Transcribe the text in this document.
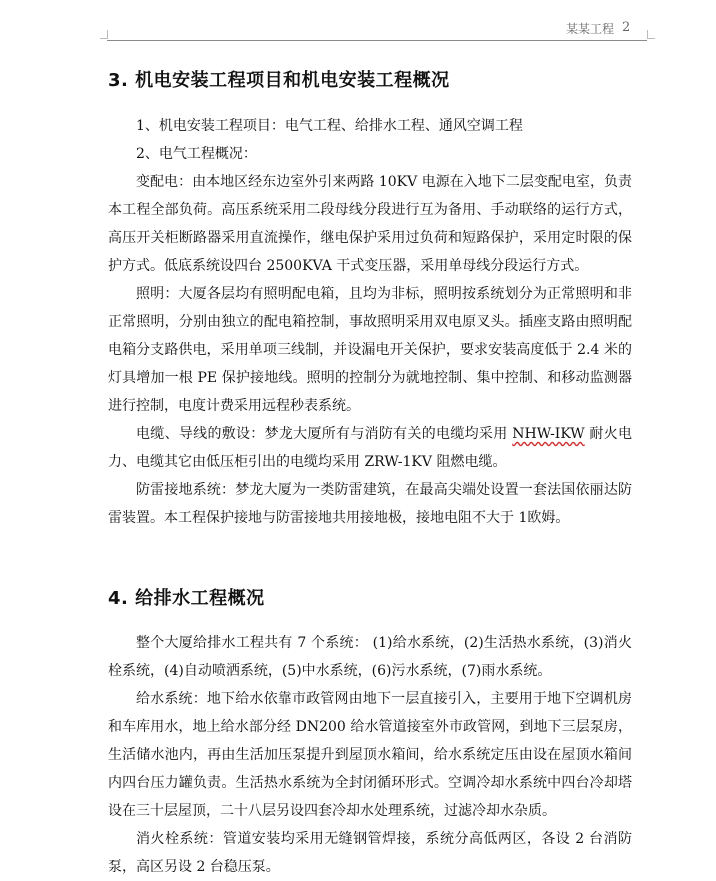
某某工程 2
3. 机电安装工程项目和机电安装工程概况

1、机电安装工程项目：电气工程、给排水工程、通风空调工程

2、电气工程概况：

变配电：由本地区经东边室外引来两路 10KV 电源在入地下二层变配电室，负责本工程全部负荷。高压系统采用二段母线分段进行互为备用、手动联络的运行方式，高压开关柜断路器采用直流操作，继电保护采用过负荷和短路保护，采用定时限的保护方式。低底系统设四台 2500KVA 干式变压器，采用单母线分段运行方式。

照明：大厦各层均有照明配电箱，且均为非标，照明按系统划分为正常照明和非正常照明，分别由独立的配电箱控制，事故照明采用双电原叉头。插座支路由照明配电箱分支路供电，采用单项三线制，并设漏电开关保护，要求安装高度低于 2.4 米的灯具增加一根 PE 保护接地线。照明的控制分为就地控制、集中控制、和移动监测器进行控制，电度计费采用远程秒表系统。

电缆、导线的敷设：梦龙大厦所有与消防有关的电缆均采用 NHW-IKW 耐火电力、电缆其它由低压柜引出的电缆均采用 ZRW-1KV 阻燃电缆。

防雷接地系统：梦龙大厦为一类防雷建筑，在最高尖端处设置一套法国依丽达防雷装置。本工程保护接地与防雷接地共用接地极，接地电阻不大于 1欧姆。

4. 给排水工程概况

整个大厦给排水工程共有 7 个系统： (1)给水系统，(2)生活热水系统，(3)消火栓系统，(4)自动喷洒系统，(5)中水系统，(6)污水系统，(7)雨水系统。

给水系统：地下给水依靠市政管网由地下一层直接引入，主要用于地下空调机房和车库用水，地上给水部分经 DN200 给水管道接室外市政管网，到地下三层泵房，生活储水池内，再由生活加压泵提升到屋顶水箱间，给水系统定压由设在屋顶水箱间内四台压力罐负责。生活热水系统为全封闭循环形式。空调冷却水系统中四台冷却塔设在三十层屋顶，二十八层另设四套冷却水处理系统，过滤冷却水杂质。

消火栓系统：管道安装均采用无缝钢管焊接，系统分高低两区，各设 2 台消防泵，高区另设 2 台稳压泵。
